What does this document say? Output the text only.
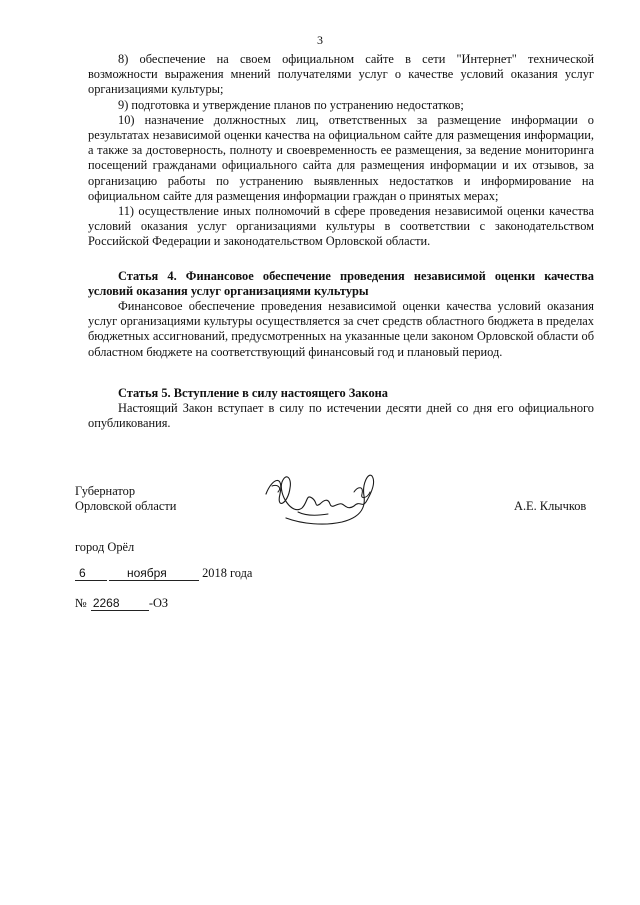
3

8) обеспечение на своем официальном сайте в сети "Интернет" технической возможности выражения мнений получателями услуг о качестве условий оказания услуг организациями культуры;

9) подготовка и утверждение планов по устранению недостатков;

10) назначение должностных лиц, ответственных за размещение информации о результатах независимой оценки качества на официальном сайте для размещения информации, а также за достоверность, полноту и своевременность ее размещения, за ведение мониторинга посещений гражданами официального сайта для размещения информации и их отзывов, за организацию работы по устранению выявленных недостатков и информирование на официальном сайте для размещения информации граждан о принятых мерах;

11) осуществление иных полномочий в сфере проведения независимой оценки качества условий оказания услуг организациями культуры в соответствии с законодательством Российской Федерации и законодательством Орловской области.

Статья 4. Финансовое обеспечение проведения независимой оценки качества условий оказания услуг организациями культуры

Финансовое обеспечение проведения независимой оценки качества условий оказания услуг организациями культуры осуществляется за счет средств областного бюджета в пределах бюджетных ассигнований, предусмотренных на указанные цели законом Орловской области об областном бюджете на соответствующий финансовый год и плановый период.

Статья 5. Вступление в силу настоящего Закона

Настоящий Закон вступает в силу по истечении десяти дней со дня его официального опубликования.

Губернатор
Орловской области	А.Е. Клычков
город Орёл
6	ноября	2018 года
№ 2268 -ОЗ
